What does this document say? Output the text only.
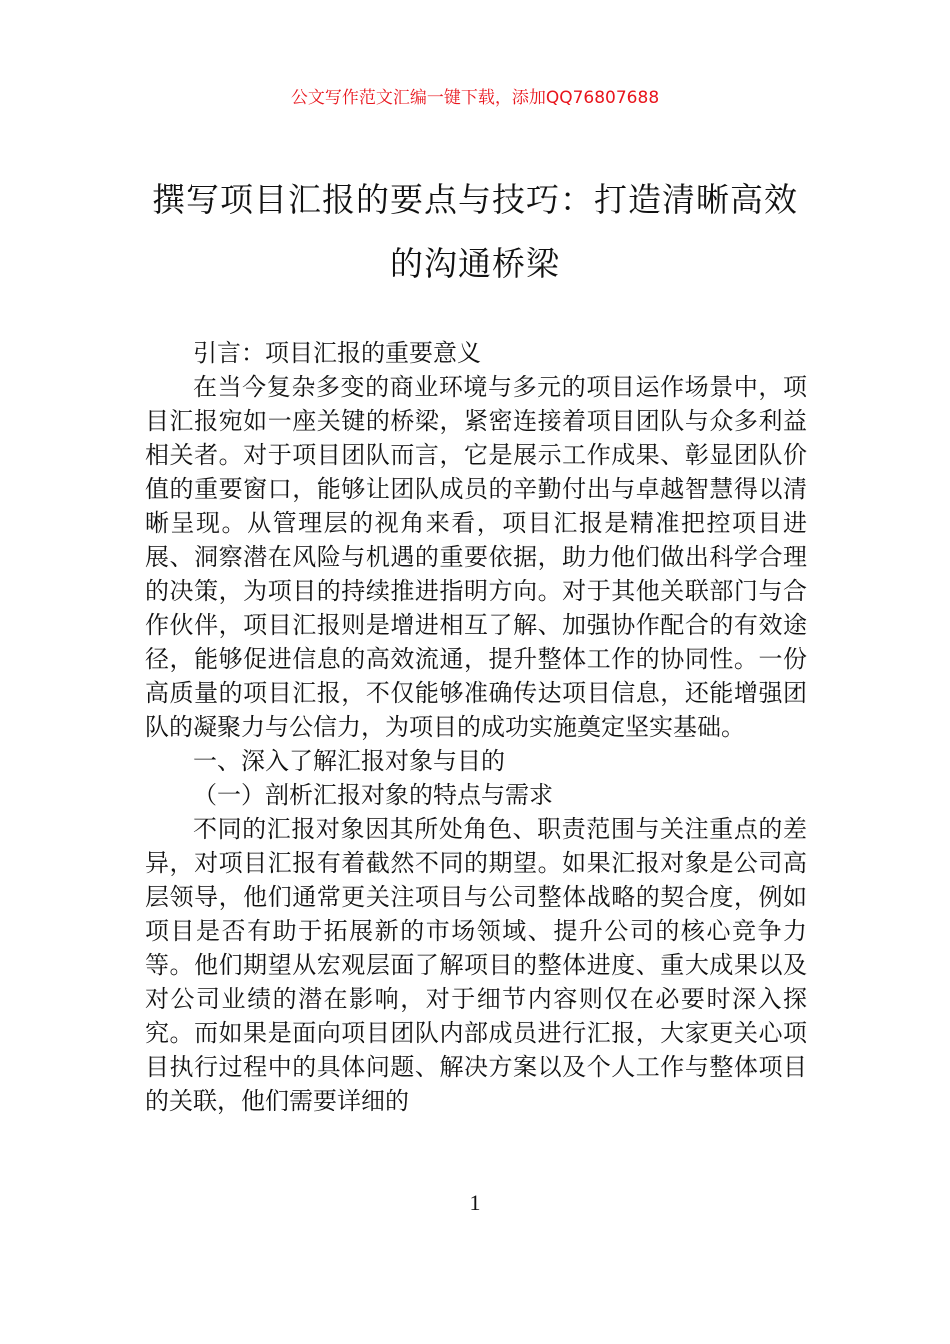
公文写作范文汇编一键下载，添加QQ76807688
撰写项目汇报的要点与技巧：打造清晰高效的沟通桥梁

引言：项目汇报的重要意义

在当今复杂多变的商业环境与多元的项目运作场景中，项目汇报宛如一座关键的桥梁，紧密连接着项目团队与众多利益相关者。对于项目团队而言，它是展示工作成果、彰显团队价值的重要窗口，能够让团队成员的辛勤付出与卓越智慧得以清晰呈现。从管理层的视角来看，项目汇报是精准把控项目进展、洞察潜在风险与机遇的重要依据，助力他们做出科学合理的决策，为项目的持续推进指明方向。对于其他关联部门与合作伙伴，项目汇报则是增进相互了解、加强协作配合的有效途径，能够促进信息的高效流通，提升整体工作的协同性。一份高质量的项目汇报，不仅能够准确传达项目信息，还能增强团队的凝聚力与公信力，为项目的成功实施奠定坚实基础。

一、深入了解汇报对象与目的

（一）剖析汇报对象的特点与需求

不同的汇报对象因其所处角色、职责范围与关注重点的差异，对项目汇报有着截然不同的期望。如果汇报对象是公司高层领导，他们通常更关注项目与公司整体战略的契合度，例如项目是否有助于拓展新的市场领域、提升公司的核心竞争力等。他们期望从宏观层面了解项目的整体进度、重大成果以及对公司业绩的潜在影响，对于细节内容则仅在必要时深入探究。而如果是面向项目团队内部成员进行汇报，大家更关心项目执行过程中的具体问题、解决方案以及个人工作与整体项目的关联，他们需要详细的

1
